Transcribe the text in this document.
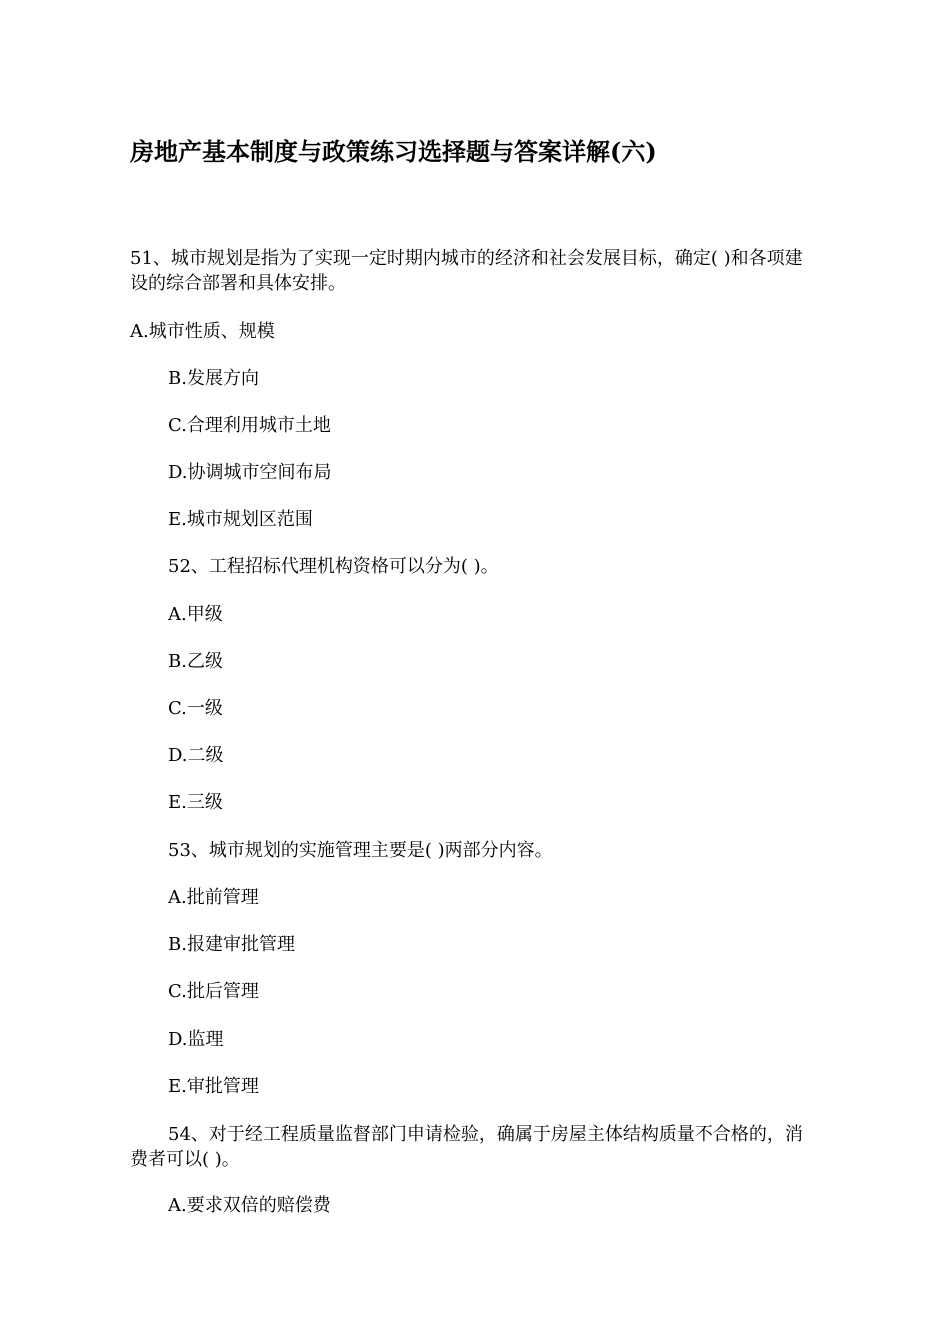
房地产基本制度与政策练习选择题与答案详解(六)
51、城市规划是指为了实现一定时期内城市的经济和社会发展目标，确定( )和各项建设的综合部署和具体安排。
A.城市性质、规模
B.发展方向
C.合理利用城市土地
D.协调城市空间布局
E.城市规划区范围
52、工程招标代理机构资格可以分为( )。
A.甲级
B.乙级
C.一级
D.二级
E.三级
53、城市规划的实施管理主要是( )两部分内容。
A.批前管理
B.报建审批管理
C.批后管理
D.监理
E.审批管理
54、对于经工程质量监督部门申请检验，确属于房屋主体结构质量不合格的，消费者可以( )。
A.要求双倍的赔偿费
